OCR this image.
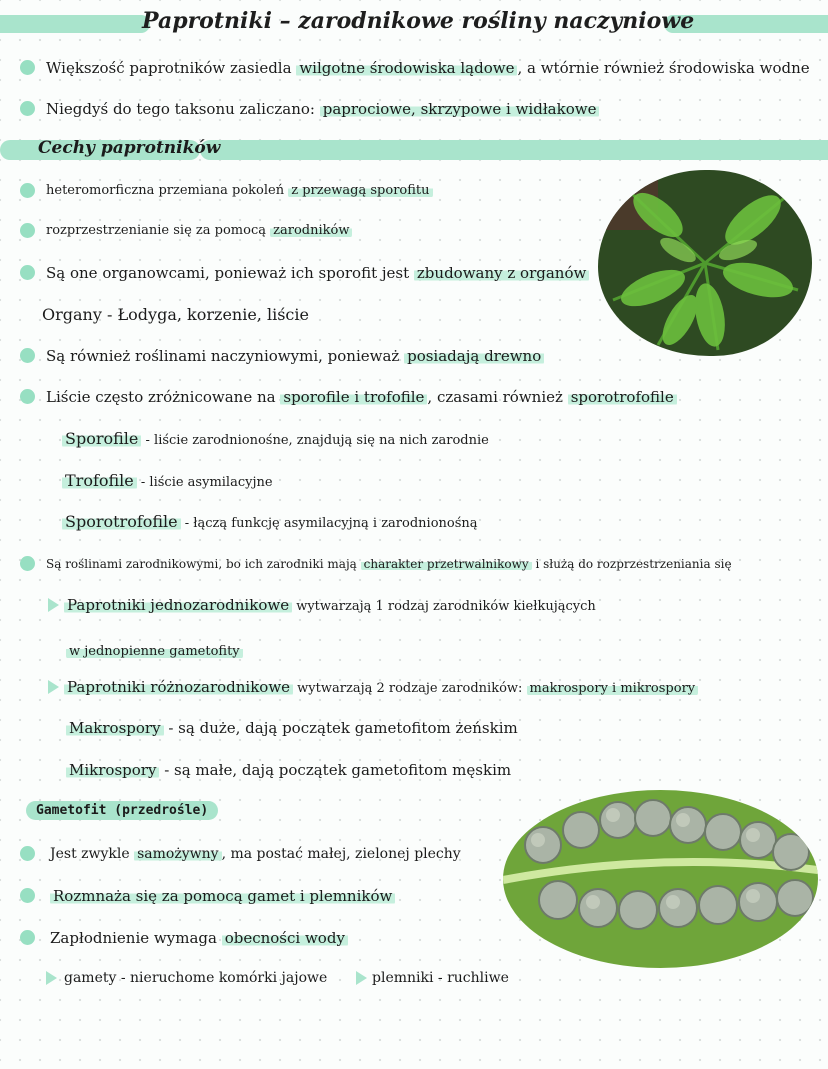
Paprotniki – zarodnikowe rośliny naczyniowe
Większość paprotników zasiedla wilgotne środowiska lądowe , a wtórnie również środowiska wodne
Niegdyś do tego taksonu zaliczano: paprociowe, skrzypowe i widłakowe
Cechy paprotników
heteromorficzna przemiana pokoleń z przewagą sporofitu
rozprzestrzenianie się za pomocą zarodników
Są one organowcami, ponieważ ich sporofit jest zbudowany z organów
Organy - Łodyga, korzenie, liście
Są również roślinami naczyniowymi, ponieważ posiadają drewno
Liście często zróżnicowane na sporofile i trofofile , czasami również sporotrofofile
Sporofile - liście zarodnionośne, znajdują się na nich zarodnie
Trofofile - liście asymilacyjne
Sporotrofofile - łączą funkcję asymilacyjną i zarodnionośną
Są roślinami zarodnikowymi, bo ich zarodniki mają charakter przetrwalnikowy i służą do rozprzestrzeniania się
Paprotniki jednozarodnikowe wytwarzają 1 rodzaj zarodników kiełkujących
w jednopienne gametofity
Paprotniki różnozarodnikowe wytwarzają 2 rodzaje zarodników: makrospory i mikrospory
Makrospory - są duże, dają początek gametofitom żeńskim
Mikrospory - są małe, dają początek gametofitom męskim
Gametofit (przedrośle)
Jest zwykle samożywny , ma postać małej, zielonej plechy
Rozmnaża się za pomocą gamet i plemników
Zapłodnienie wymaga obecności wody
gamety - nieruchome komórki jajowe	plemniki - ruchliwe
